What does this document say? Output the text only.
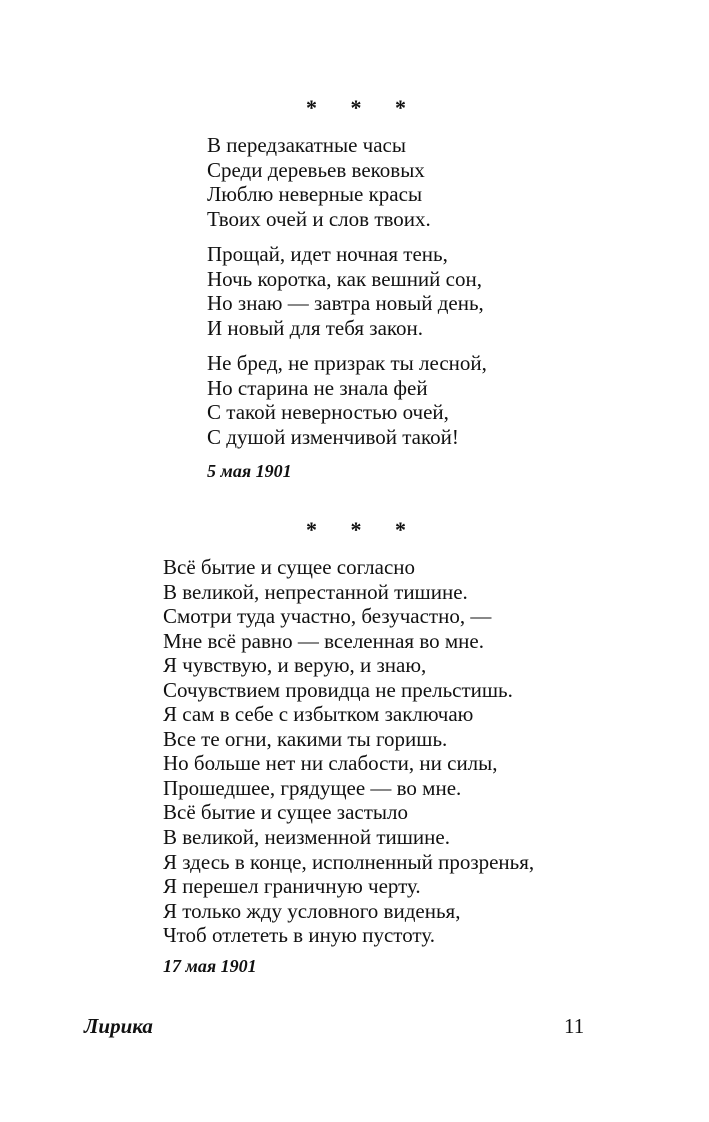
* * *
В передзакатные часы
Среди деревьев вековых
Люблю неверные красы
Твоих очей и слов твоих.
Прощай, идет ночная тень,
Ночь коротка, как вешний сон,
Но знаю — завтра новый день,
И новый для тебя закон.
Не бред, не призрак ты лесной,
Но старина не знала фей
С такой неверностью очей,
С душой изменчивой такой!
5 мая 1901
* * *
Всё бытие и сущее согласно
В великой, непрестанной тишине.
Смотри туда участно, безучастно, —
Мне всё равно — вселенная во мне.
Я чувствую, и верую, и знаю,
Сочувствием провидца не прельстишь.
Я сам в себе с избытком заключаю
Все те огни, какими ты горишь.
Но больше нет ни слабости, ни силы,
Прошедшее, грядущее — во мне.
Всё бытие и сущее застыло
В великой, неизменной тишине.
Я здесь в конце, исполненный прозренья,
Я перешел граничную черту.
Я только жду условного виденья,
Чтоб отлететь в иную пустоту.
17 мая 1901
Лирика	11
